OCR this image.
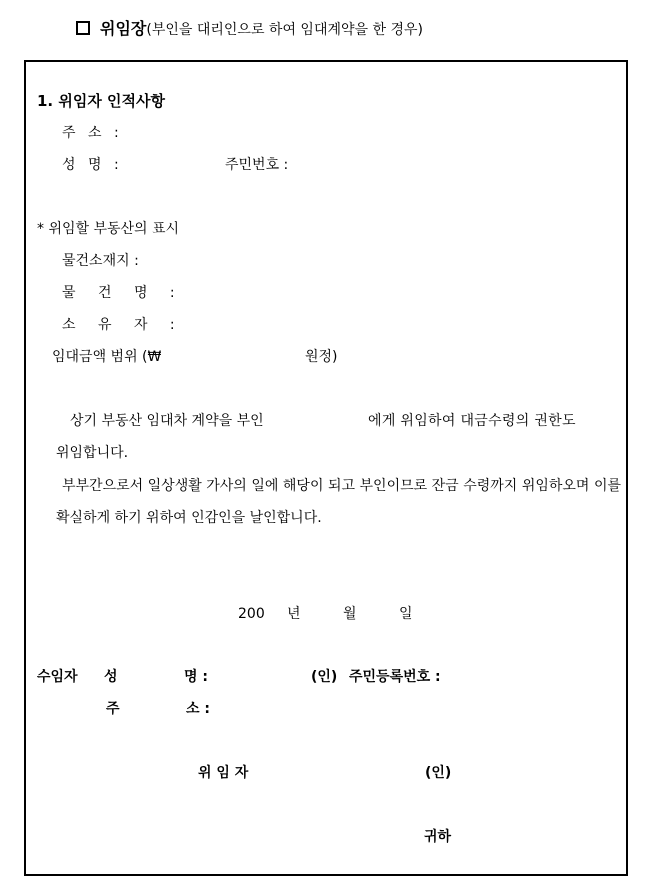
위임장(부인을 대리인으로 하여 임대계약을 한 경우)
1. 위임자 인적사항
주 소 :
성 명 :	주민번호 :
* 위임할 부동산의 표시
물건소재지 :
물 건 명 :
소 유 자 :
임대금액 범위 (₩	원정)
상기 부동산 임대차 계약을 부인	에게 위임하여 대금수령의 권한도
위임합니다.

부부간으로서 일상생활 가사의 일에 해당이 되고 부인이므로 잔금 수령까지 위임하오며 이를 확실하게 하기 위하여 인감인을 날인합니다.

200 년	월	일
수임자 성	명 :	(인) 주민등록번호 :
주	소 :
위 임 자	(인)
귀하
